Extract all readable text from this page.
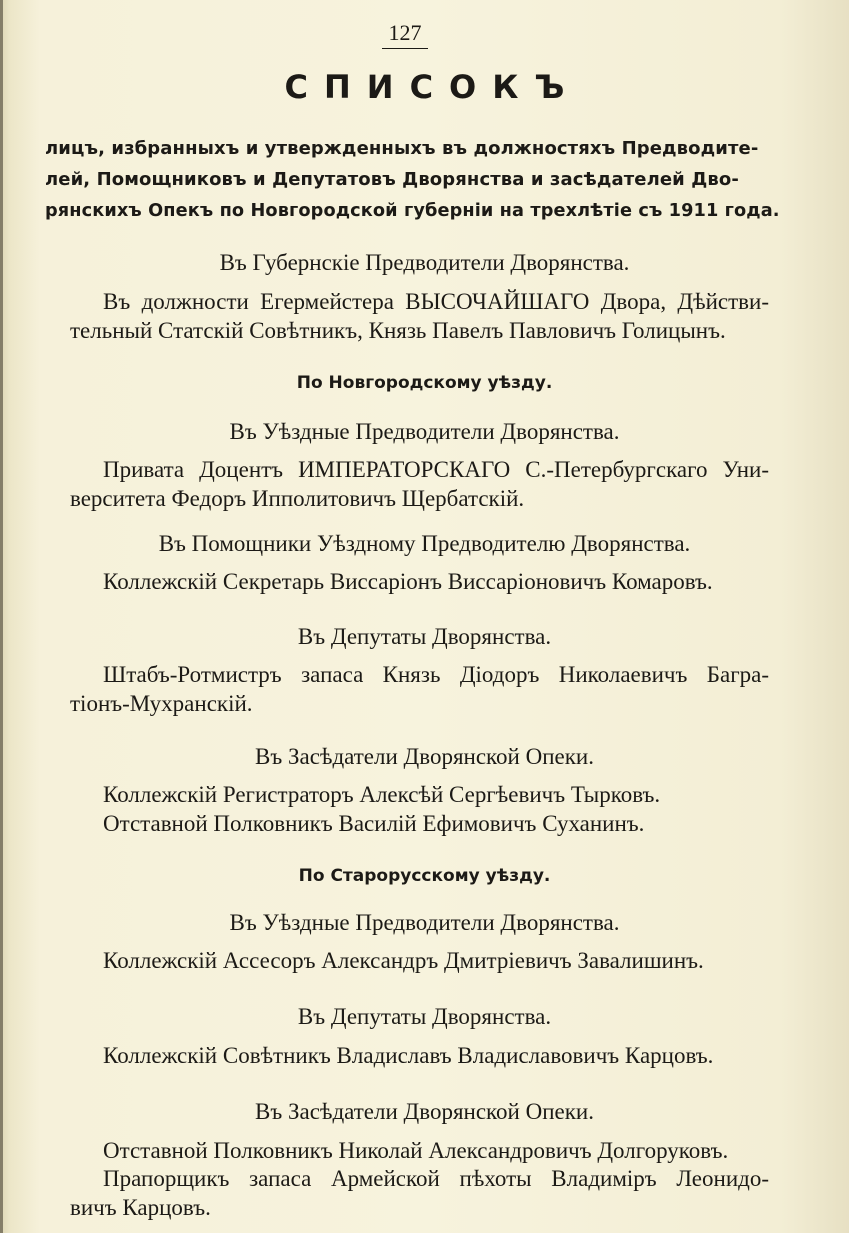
127
СПИСОКЪ
лицъ, избранныхъ и утвержденныхъ въ должностяхъ Предводите-
лей, Помощниковъ и Депутатовъ Дворянства и засѣдателей Дво-
рянскихъ Опекъ по Новгородской губерніи на трехлѣтіе съ 1911 года.
Въ Губернскіе Предводители Дворянства.
Въ должности Егермейстера ВЫСОЧАЙШАГО Двора, Дѣйстви-
тельный Статскій Совѣтникъ, Князь Павелъ Павловичъ Голицынъ.
По Новгородскому уѣзду.
Въ Уѣздные Предводители Дворянства.
Привата Доцентъ ИМПЕРАТОРСКАГО С.-Петербургскаго Уни-
верситета Федоръ Ипполитовичъ Щербатскій.
Въ Помощники Уѣздному Предводителю Дворянства.
Коллежскій Секретарь Виссаріонъ Виссаріоновичъ Комаровъ.
Въ Депутаты Дворянства.
Штабъ-Ротмистръ запаса Князь Діодоръ Николаевичъ Багра-
тіонъ-Мухранскій.
Въ Засѣдатели Дворянской Опеки.
Коллежскій Регистраторъ Алексѣй Сергѣевичъ Тырковъ.
Отставной Полковникъ Василій Ефимовичъ Суханинъ.
По Старорусскому уѣзду.
Въ Уѣздные Предводители Дворянства.
Коллежскій Ассесоръ Александръ Дмитріевичъ Завалишинъ.
Въ Депутаты Дворянства.
Коллежскій Совѣтникъ Владиславъ Владиславовичъ Карцовъ.
Въ Засѣдатели Дворянской Опеки.
Отставной Полковникъ Николай Александровичъ Долгоруковъ.
Прапорщикъ запаса Армейской пѣхоты Владиміръ Леонидо-
вичъ Карцовъ.
